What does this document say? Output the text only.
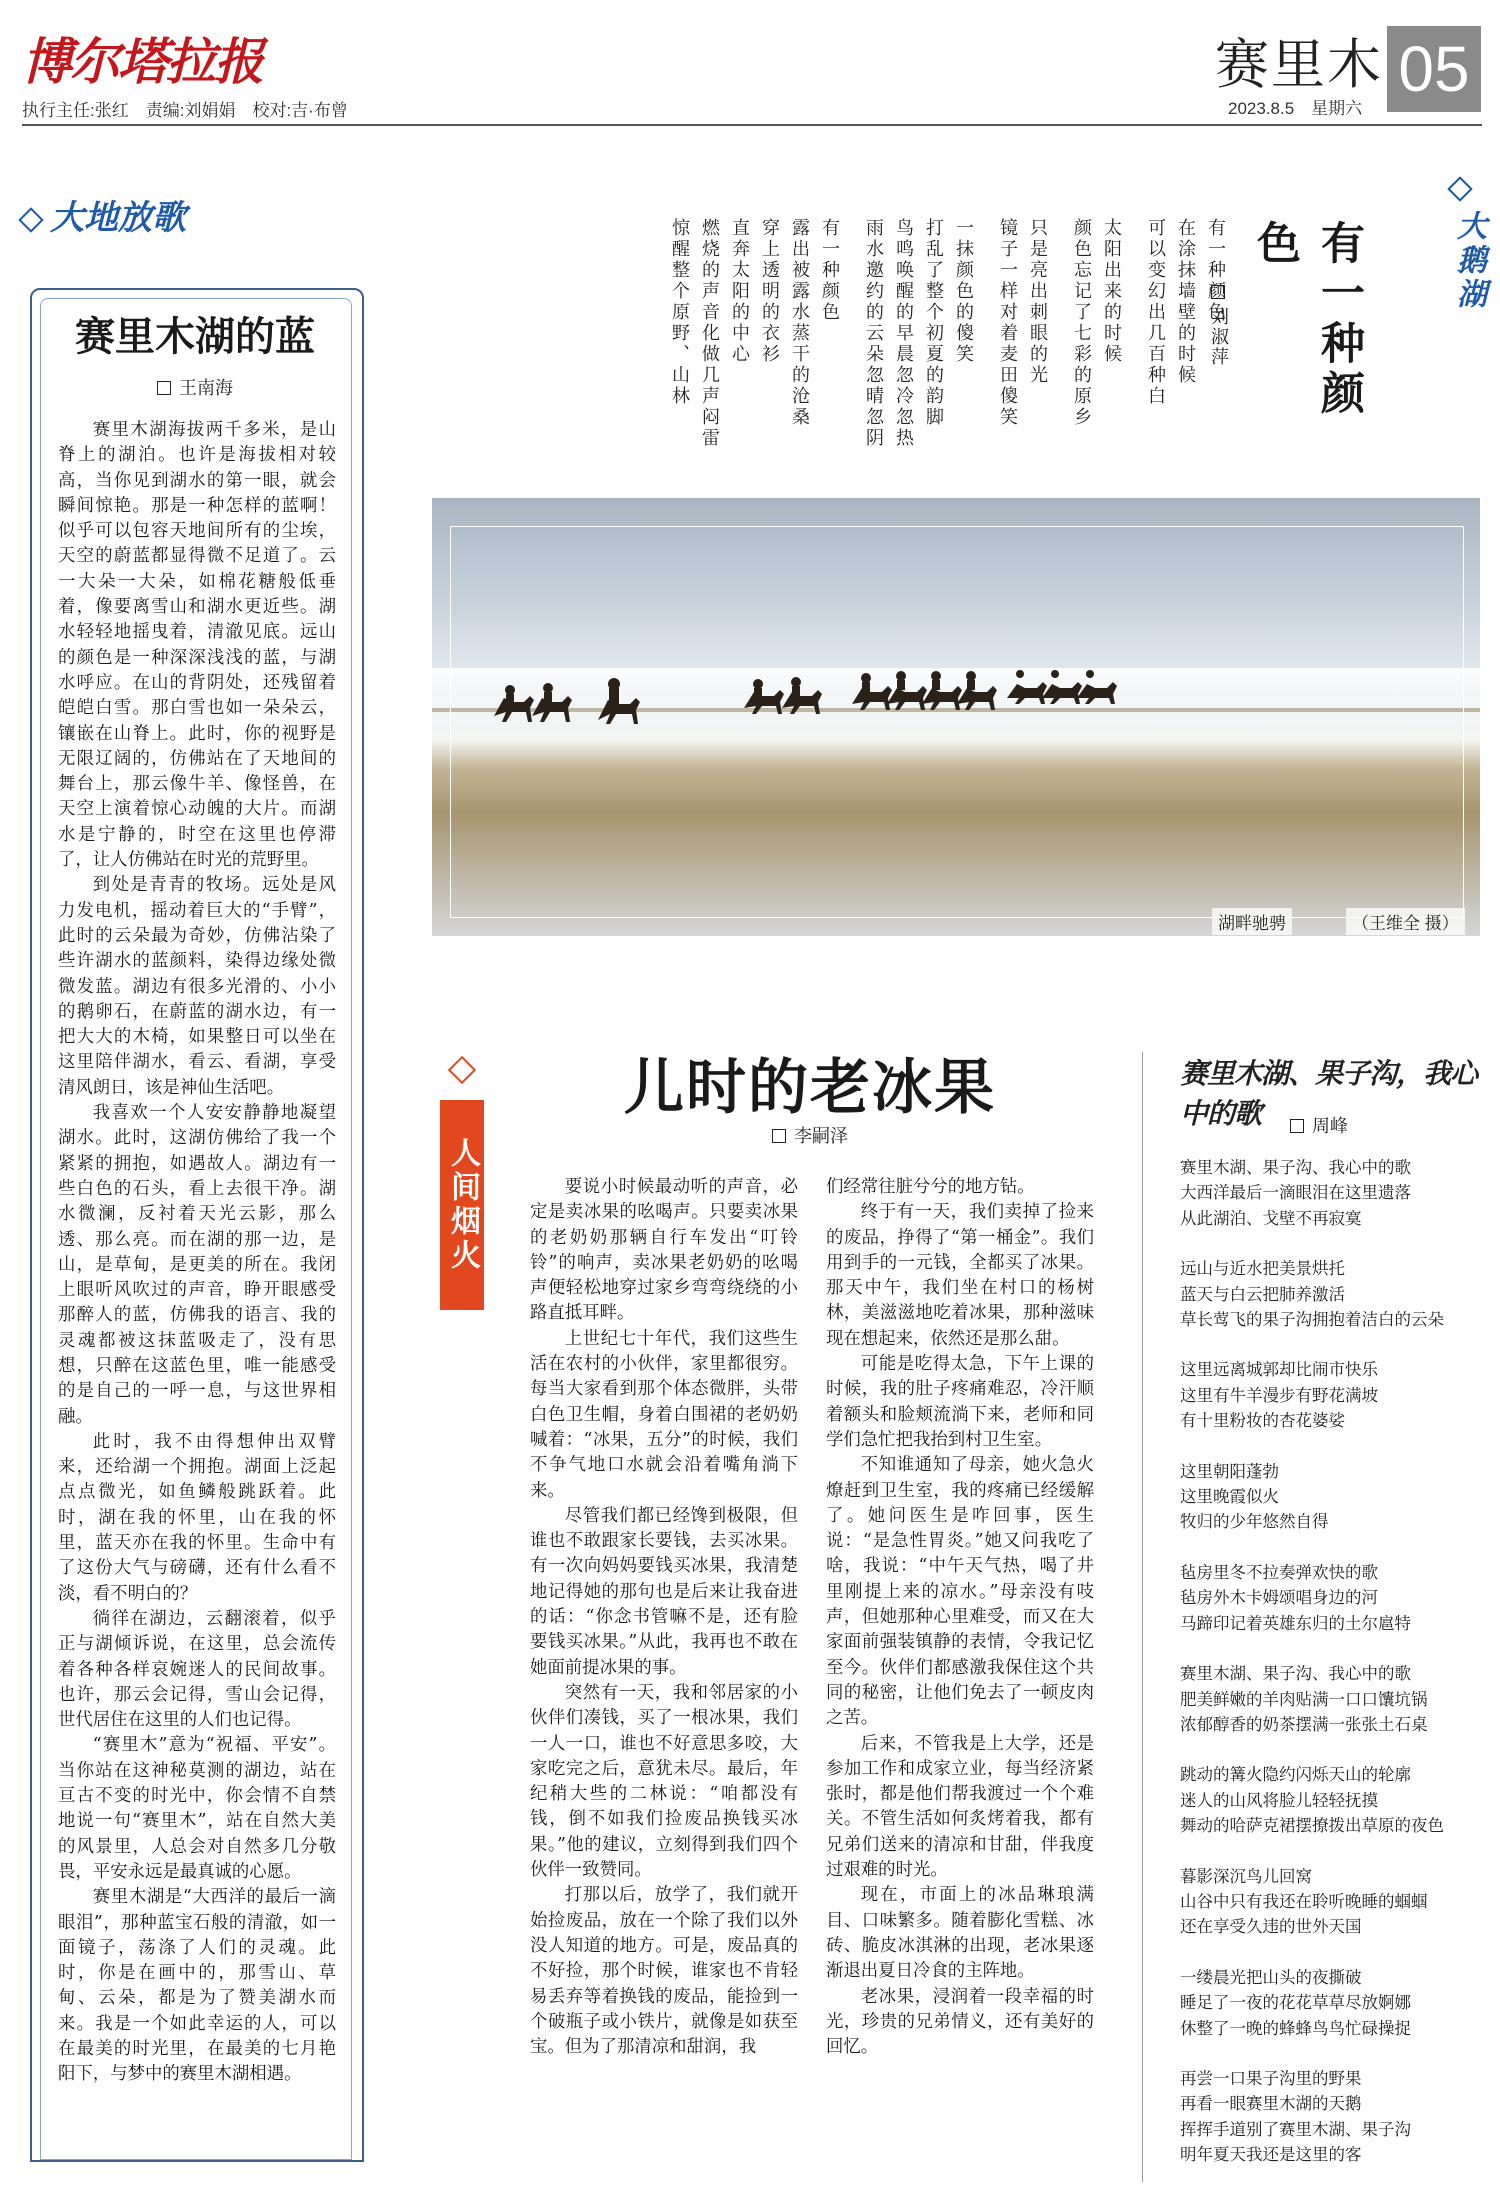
博尔塔拉报
执行主任:张红　责编:刘娟娟　校对:吉·布曾
赛里木 05
2023.8.5　星期六
大地放歌
赛里木湖的蓝
王南海

赛里木湖海拔两千多米，是山脊上的湖泊。也许是海拔相对较高，当你见到湖水的第一眼，就会瞬间惊艳。那是一种怎样的蓝啊！似乎可以包容天地间所有的尘埃，天空的蔚蓝都显得微不足道了。云一大朵一大朵，如棉花糖般低垂着，像要离雪山和湖水更近些。湖水轻轻地摇曳着，清澈见底。远山的颜色是一种深深浅浅的蓝，与湖水呼应。在山的背阴处，还残留着皑皑白雪。那白雪也如一朵朵云，镶嵌在山脊上。此时，你的视野是无限辽阔的，仿佛站在了天地间的舞台上，那云像牛羊、像怪兽，在天空上演着惊心动魄的大片。而湖水是宁静的，时空在这里也停滞了，让人仿佛站在时光的荒野里。

到处是青青的牧场。远处是风力发电机，摇动着巨大的“手臂”，此时的云朵最为奇妙，仿佛沾染了些许湖水的蓝颜料，染得边缘处微微发蓝。湖边有很多光滑的、小小的鹅卵石，在蔚蓝的湖水边，有一把大大的木椅，如果整日可以坐在这里陪伴湖水，看云、看湖，享受清风朗日，该是神仙生活吧。

我喜欢一个人安安静静地凝望湖水。此时，这湖仿佛给了我一个紧紧的拥抱，如遇故人。湖边有一些白色的石头，看上去很干净。湖水微澜，反衬着天光云影，那么透、那么亮。而在湖的那一边，是山，是草甸，是更美的所在。我闭上眼听风吹过的声音，睁开眼感受那醉人的蓝，仿佛我的语言、我的灵魂都被这抹蓝吸走了，没有思想，只醉在这蓝色里，唯一能感受的是自己的一呼一息，与这世界相融。

此时，我不由得想伸出双臂来，还给湖一个拥抱。湖面上泛起点点微光，如鱼鳞般跳跃着。此时，湖在我的怀里，山在我的怀里，蓝天亦在我的怀里。生命中有了这份大气与磅礴，还有什么看不淡，看不明白的？

徜徉在湖边，云翻滚着，似乎正与湖倾诉说，在这里，总会流传着各种各样哀婉迷人的民间故事。也许，那云会记得，雪山会记得，世代居住在这里的人们也记得。

“赛里木”意为“祝福、平安”。当你站在这神秘莫测的湖边，站在亘古不变的时光中，你会情不自禁地说一句“赛里木”，站在自然大美的风景里，人总会对自然多几分敬畏，平安永远是最真诚的心愿。

赛里木湖是“大西洋的最后一滴眼泪”，那种蓝宝石般的清澈，如一面镜子，荡涤了人们的灵魂。此时，你是在画中的，那雪山、草甸、云朵，都是为了赞美湖水而来。我是一个如此幸运的人，可以在最美的时光里，在最美的七月艳阳下，与梦中的赛里木湖相遇。

有一种颜色
刘淑萍
有一种颜色
在涂抹墙壁的时候
可以变幻出几百种白
太阳出来的时候
颜色忘记了七彩的原乡
只是亮出刺眼的光
镜子一样对着麦田傻笑
一抹颜色的傻笑
打乱了整个初夏的韵脚
鸟鸣唤醒的早晨忽冷忽热
雨水邀约的云朵忽晴忽阴
有一种颜色
露出被露水蒸干的沧桑
穿上透明的衣衫
直奔太阳的中心
燃烧的声音化做几声闷雷
惊醒整个原野、山林	大鹅湖
湖畔驰骋	（王维全 摄）
人间烟火
儿时的老冰果
李嗣泽

要说小时候最动听的声音，必定是卖冰果的吆喝声。只要卖冰果的老奶奶那辆自行车发出“叮铃铃”的响声，卖冰果老奶奶的吆喝声便轻松地穿过家乡弯弯绕绕的小路直抵耳畔。

上世纪七十年代，我们这些生活在农村的小伙伴，家里都很穷。每当大家看到那个体态微胖，头带白色卫生帽，身着白围裙的老奶奶喊着：“冰果，五分”的时候，我们不争气地口水就会沿着嘴角淌下来。

尽管我们都已经馋到极限，但谁也不敢跟家长要钱，去买冰果。有一次向妈妈要钱买冰果，我清楚地记得她的那句也是后来让我奋进的话：“你念书管嘛不是，还有脸要钱买冰果。”从此，我再也不敢在她面前提冰果的事。

突然有一天，我和邻居家的小伙伴们凑钱，买了一根冰果，我们一人一口，谁也不好意思多咬，大家吃完之后，意犹未尽。最后，年纪稍大些的二林说：“咱都没有钱，倒不如我们捡废品换钱买冰果。”他的建议，立刻得到我们四个伙伴一致赞同。

打那以后，放学了，我们就开始捡废品，放在一个除了我们以外没人知道的地方。可是，废品真的不好捡，那个时候，谁家也不肯轻易丢弃等着换钱的废品，能捡到一个破瓶子或小铁片，就像是如获至宝。但为了那清凉和甜润，我

们经常往脏兮兮的地方钻。

终于有一天，我们卖掉了捡来的废品，挣得了“第一桶金”。我们用到手的一元钱，全都买了冰果。那天中午，我们坐在村口的杨树林，美滋滋地吃着冰果，那种滋味现在想起来，依然还是那么甜。

可能是吃得太急，下午上课的时候，我的肚子疼痛难忍，冷汗顺着额头和脸颊流淌下来，老师和同学们急忙把我抬到村卫生室。

不知谁通知了母亲，她火急火燎赶到卫生室，我的疼痛已经缓解了。她问医生是咋回事，医生说：“是急性胃炎。”她又问我吃了啥，我说：“中午天气热，喝了井里刚提上来的凉水。”母亲没有吱声，但她那种心里难受，而又在大家面前强装镇静的表情，令我记忆至今。伙伴们都感激我保住这个共同的秘密，让他们免去了一顿皮肉之苦。

后来，不管我是上大学，还是参加工作和成家立业，每当经济紧张时，都是他们帮我渡过一个个难关。不管生活如何炙烤着我，都有兄弟们送来的清凉和甘甜，伴我度过艰难的时光。

现在，市面上的冰品琳琅满目、口味繁多。随着膨化雪糕、冰砖、脆皮冰淇淋的出现，老冰果逐渐退出夏日冷食的主阵地。

老冰果，浸润着一段幸福的时光，珍贵的兄弟情义，还有美好的回忆。

赛里木湖、果子沟，我心中的歌	周峰
赛里木湖、果子沟、我心中的歌
大西洋最后一滴眼泪在这里遗落
从此湖泊、戈壁不再寂寞
远山与近水把美景烘托
蓝天与白云把肺养激活
草长莺飞的果子沟拥抱着洁白的云朵
这里远离城郭却比闹市快乐
这里有牛羊漫步有野花满坡
有十里粉妆的杏花婆娑
这里朝阳蓬勃
这里晚霞似火
牧归的少年悠然自得
毡房里冬不拉奏弹欢快的歌
毡房外木卡姆颂唱身边的河
马蹄印记着英雄东归的土尔扈特
赛里木湖、果子沟、我心中的歌
肥美鲜嫩的羊肉贴满一口口馕坑锅
浓郁醇香的奶茶摆满一张张土石桌
跳动的篝火隐约闪烁天山的轮廓
迷人的山风将脸儿轻轻抚摸
舞动的哈萨克裙摆撩拨出草原的夜色
暮影深沉鸟儿回窝
山谷中只有我还在聆听晚睡的蝈蝈
还在享受久违的世外天国
一缕晨光把山头的夜撕破
睡足了一夜的花花草草尽放婀娜
休整了一晚的蜂蜂鸟鸟忙碌操捉
再尝一口果子沟里的野果
再看一眼赛里木湖的天鹅
挥挥手道别了赛里木湖、果子沟
明年夏天我还是这里的客
